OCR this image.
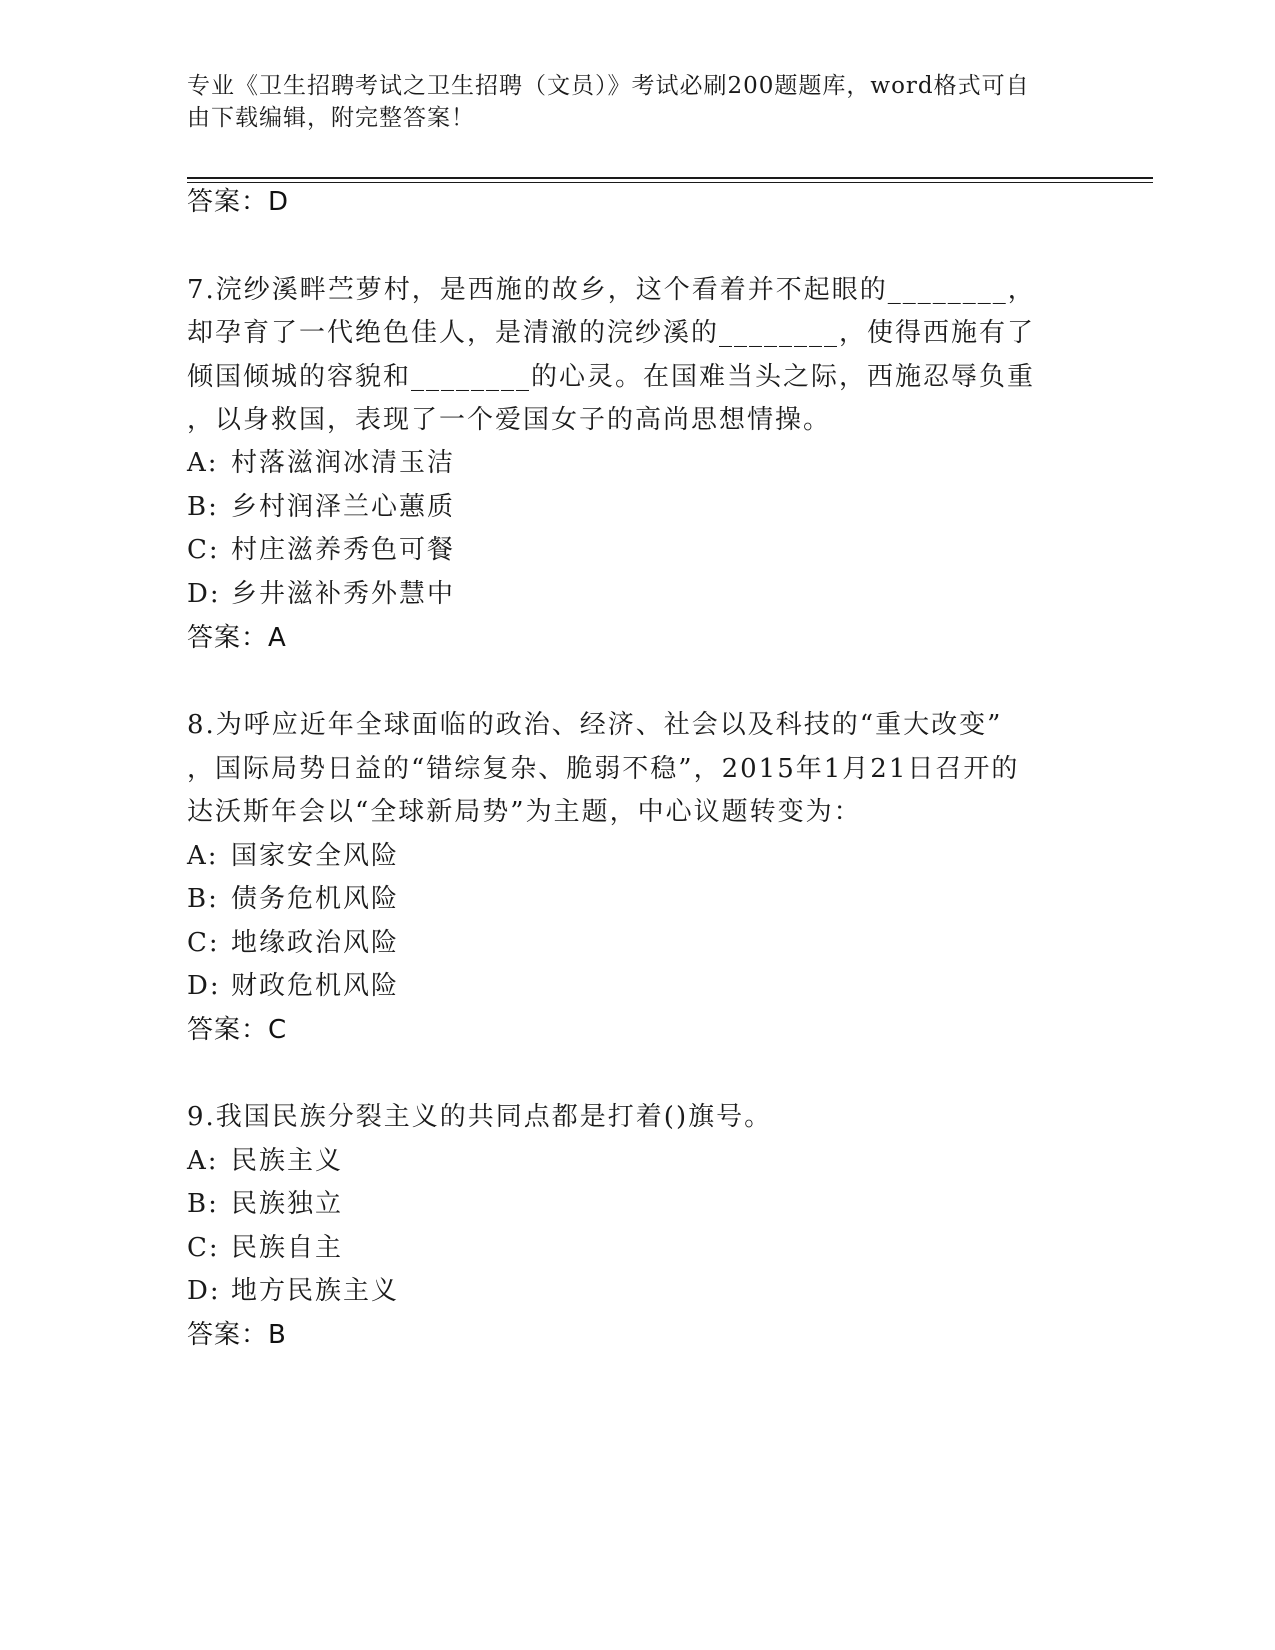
专业《卫生招聘考试之卫生招聘（文员）》考试必刷200题题库，word格式可自
由下载编辑，附完整答案！
答案：D
7.浣纱溪畔苎萝村，是西施的故乡，这个看着并不起眼的________，
却孕育了一代绝色佳人，是清澈的浣纱溪的________，使得西施有了
倾国倾城的容貌和________的心灵。在国难当头之际，西施忍辱负重
，以身救国，表现了一个爱国女子的高尚思想情操。
A: 村落滋润冰清玉洁
B: 乡村润泽兰心蕙质
C: 村庄滋养秀色可餐
D: 乡井滋补秀外慧中
答案：A
8.为呼应近年全球面临的政治、经济、社会以及科技的“重大改变”
，国际局势日益的“错综复杂、脆弱不稳”，2015年1月21日召开的
达沃斯年会以“全球新局势”为主题，中心议题转变为：
A: 国家安全风险
B: 债务危机风险
C: 地缘政治风险
D: 财政危机风险
答案：C
9.我国民族分裂主义的共同点都是打着()旗号。
A: 民族主义
B: 民族独立
C: 民族自主
D: 地方民族主义
答案：B
